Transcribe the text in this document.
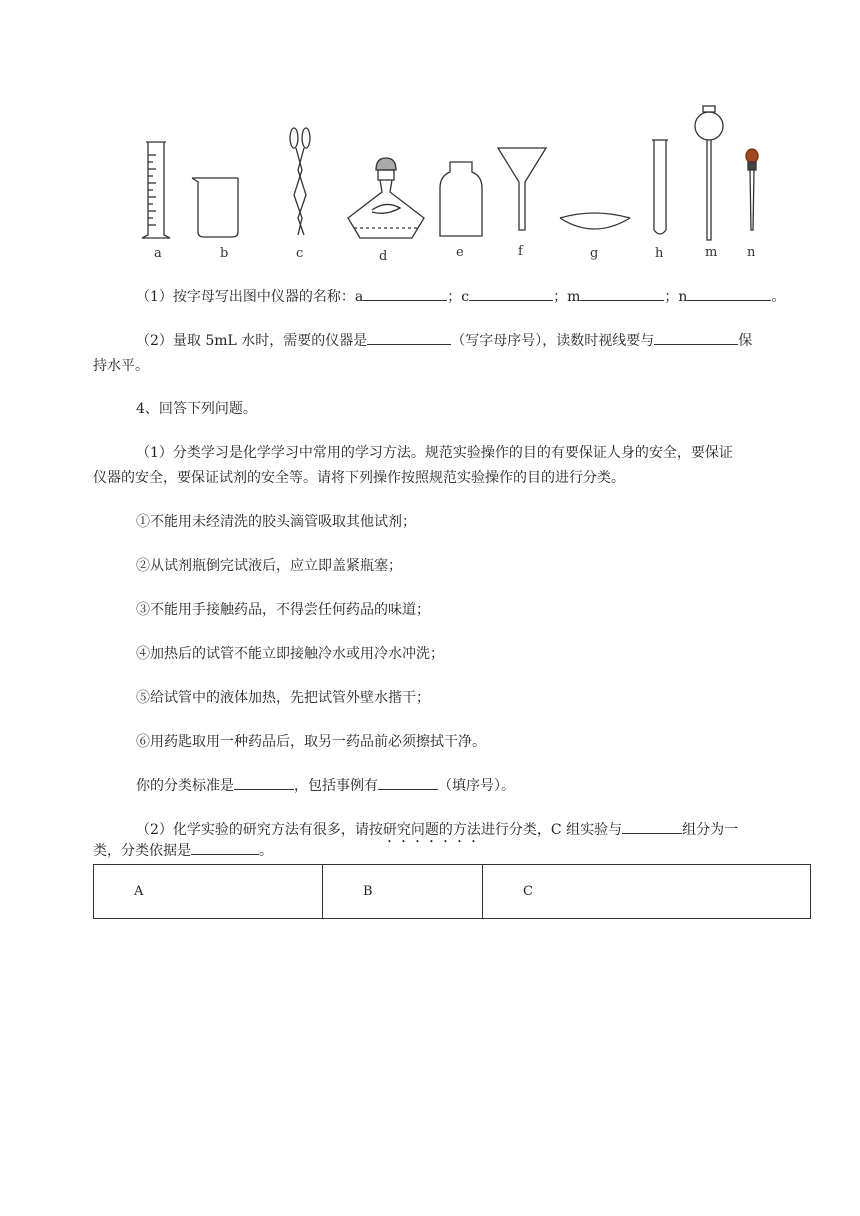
a	b	c	d	e	f	g	h	m n
（1）按字母写出图中仪器的名称：a	；c	；m	；n	。
（2）量取 5mL 水时，需要的仪器是	（写字母序号），读数时视线要与	保
持水平。
4、回答下列问题。
（1）分类学习是化学学习中常用的学习方法。规范实验操作的目的有要保证人身的安全，要保证
仪器的安全，要保证试剂的安全等。请将下列操作按照规范实验操作的目的进行分类。
①不能用未经清洗的胶头滴管吸取其他试剂；
②从试剂瓶倒完试液后，应立即盖紧瓶塞；
③不能用手接触药品，不得尝任何药品的味道；
④加热后的试管不能立即接触冷水或用冷水冲洗；
⑤给试管中的液体加热，先把试管外壁水揩干；
⑥用药匙取用一种药品后，取另一药品前必须擦拭干净。
你的分类标准是	，包括事例有	（填序号）。
（2）化学实验的研究方法有很多，请按研究问题的方法进行分类，C 组实验与	组分为一
类，分类依据是	。
A	B	C
